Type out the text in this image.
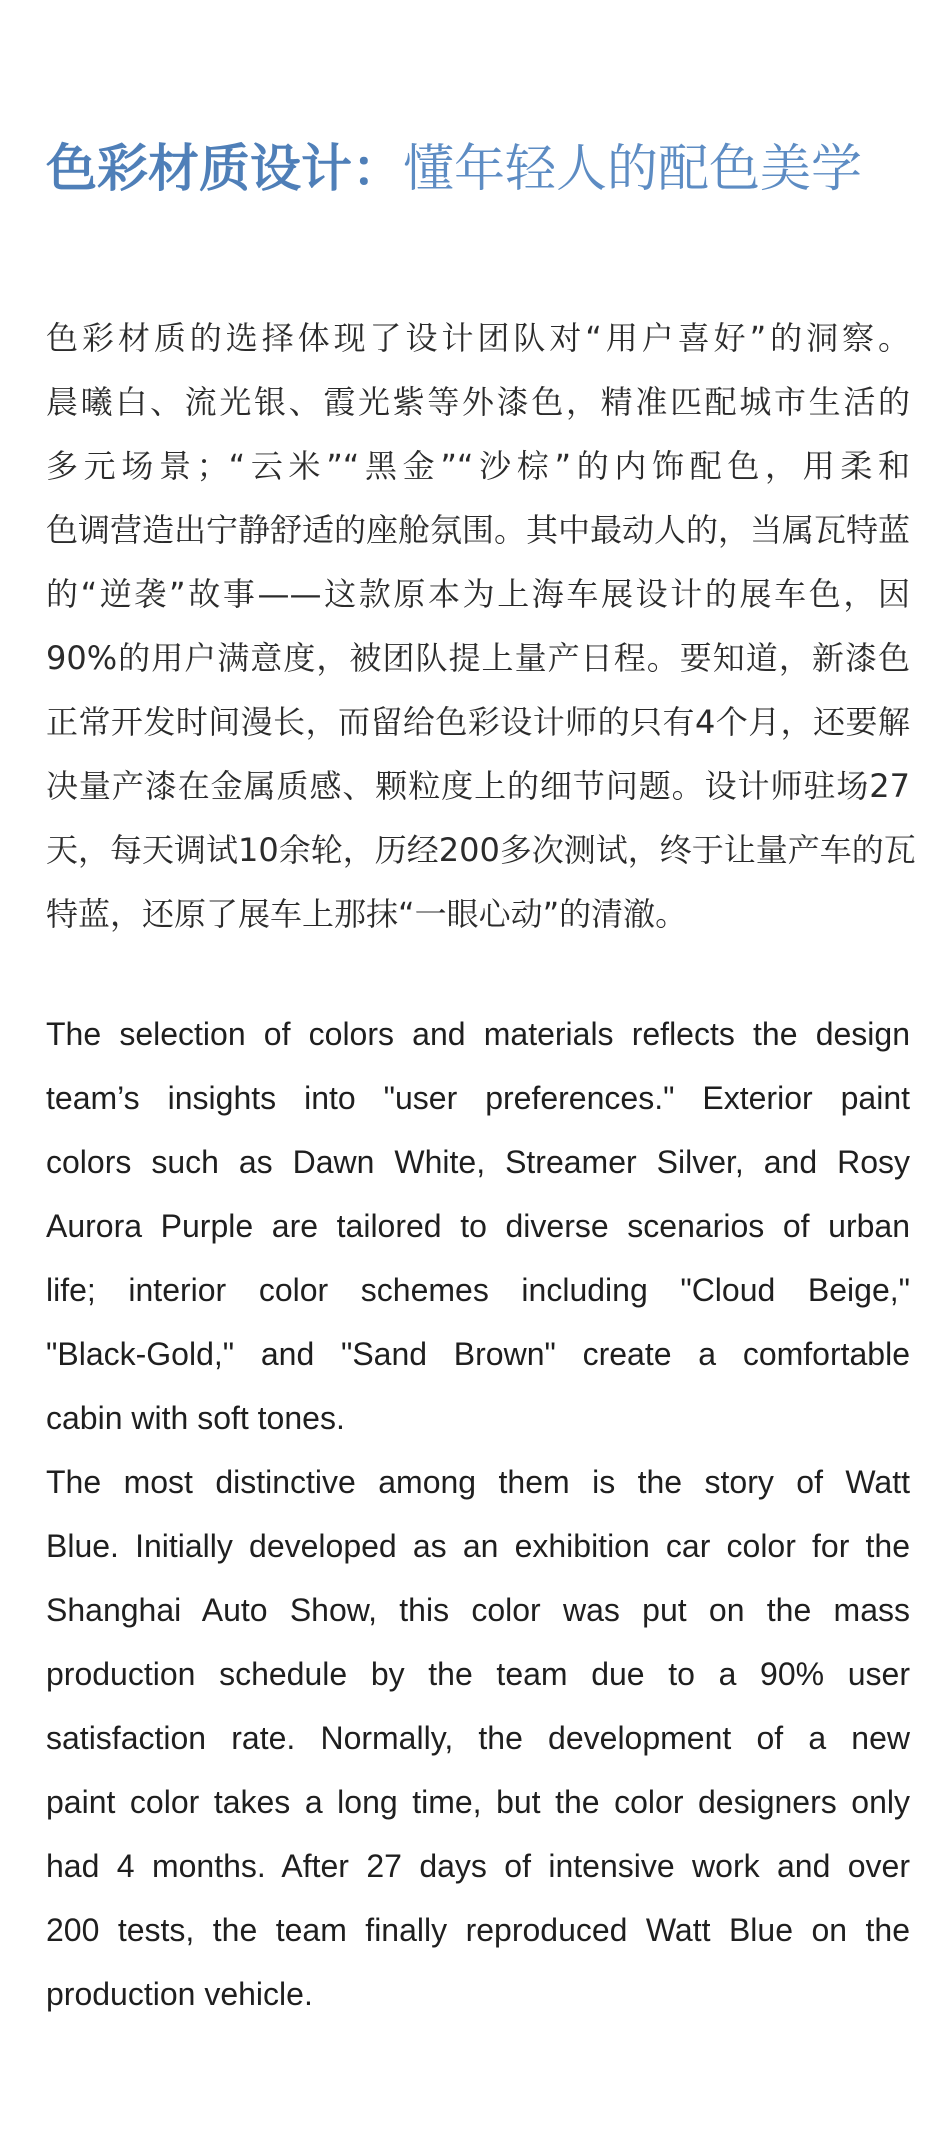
色彩材质设计：懂年轻人的配色美学
色彩材质的选择体现了设计团队对“用户喜好”的洞察。
晨曦白、流光银、霞光紫等外漆色，精准匹配城市生活的
多元场景；“云米”“黑金”“沙棕”的内饰配色，用柔和
色调营造出宁静舒适的座舱氛围。其中最动人的，当属瓦特蓝
的“逆袭”故事——这款原本为上海车展设计的展车色，因
90%的用户满意度，被团队提上量产日程。要知道，新漆色
正常开发时间漫长，而留给色彩设计师的只有4个月，还要解
决量产漆在金属质感、颗粒度上的细节问题。设计师驻场27
天，每天调试10余轮，历经200多次测试，终于让量产车的瓦
特蓝，还原了展车上那抹“一眼心动”的清澈。
The selection of colors and materials reflects the design
team’s insights into "user preferences." Exterior paint
colors such as Dawn White, Streamer Silver, and Rosy
Aurora Purple are tailored to diverse scenarios of urban
life; interior color schemes including "Cloud Beige,"
"Black-Gold," and "Sand Brown" create a comfortable
cabin with soft tones.
The most distinctive among them is the story of Watt
Blue. Initially developed as an exhibition car color for the
Shanghai Auto Show, this color was put on the mass
production schedule by the team due to a 90% user
satisfaction rate. Normally, the development of a new
paint color takes a long time, but the color designers only
had 4 months. After 27 days of intensive work and over
200 tests, the team finally reproduced Watt Blue on the
production vehicle.
